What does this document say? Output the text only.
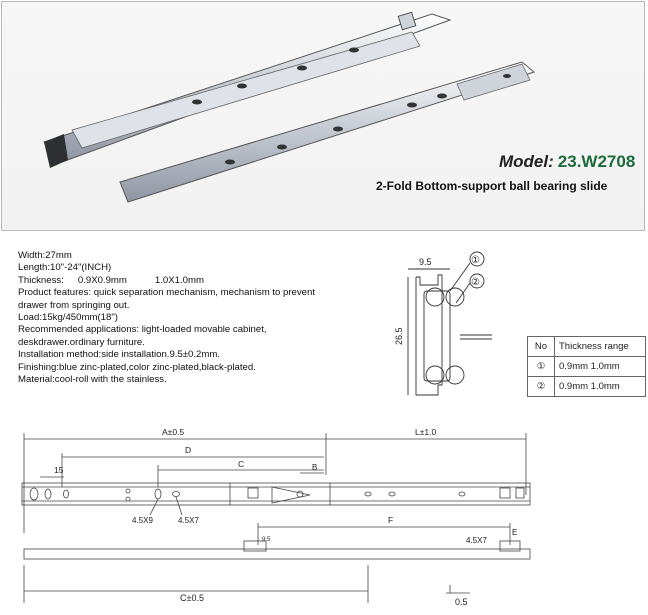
Model: 23.W2708
2-Fold Bottom-support ball bearing slide
Width:27mm
Length:10"-24"(INCH)
Thickness: 0.9X0.9mm	1.0X1.0mm
Product features: quick separation mechanism, mechanism to prevent drawer from springing out.
Load:15kg/450mm(18")
Recommended applications: light-loaded movable cabinet, deskdrawer.ordinary furniture.
Installation method:side installation.9.5±0.2mm.
Finishing:blue zinc-plated,color zinc-plated,black-plated.
Material:cool-roll with the stainless.
9.5
26.5
①
②
No	Thickness range
①	0.9mm 1.0mm
②	0.9mm 1.0mm
A±0.5	L±1.0
D
C	B
15
4.5X9	4.5X7	F
4.5X7
E
9.5
C±0.5	0.5
